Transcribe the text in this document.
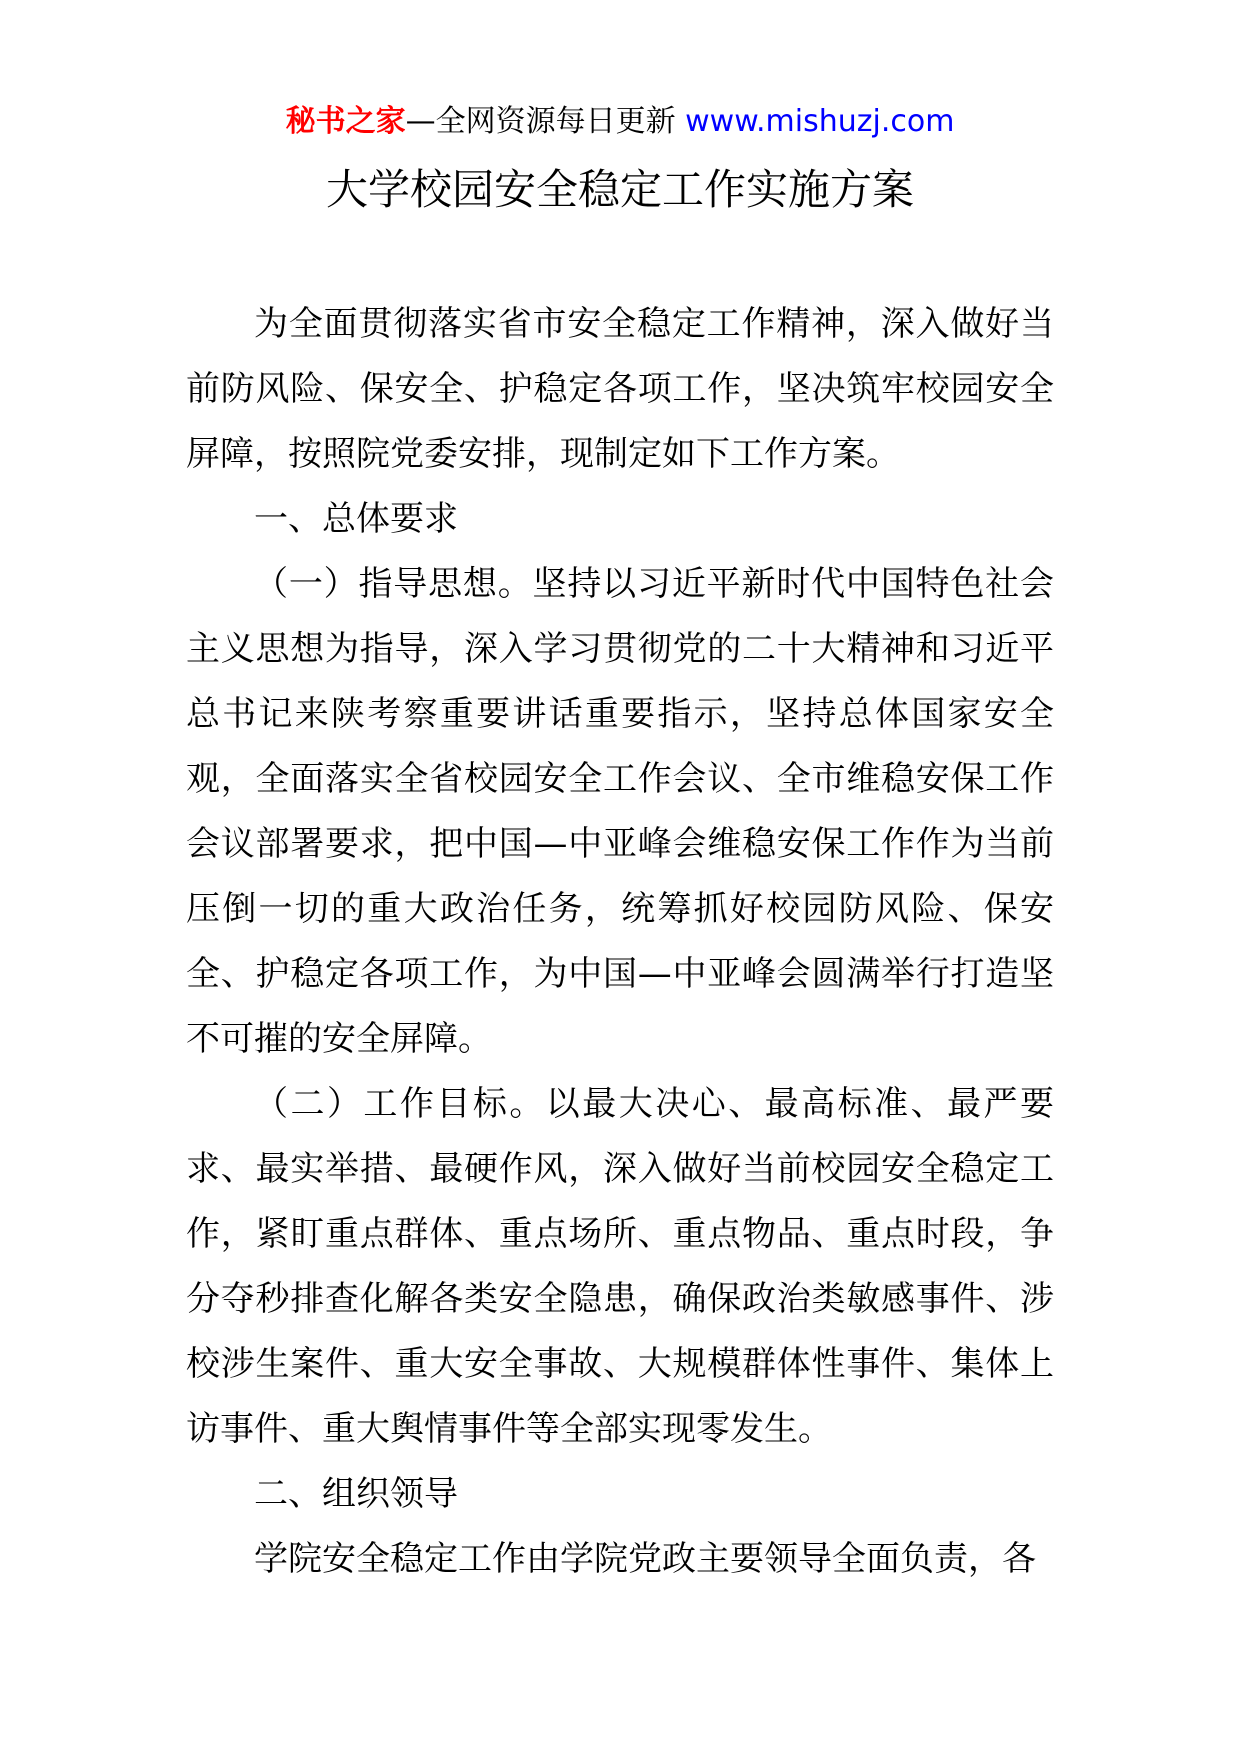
秘书之家—全网资源每日更新 www.mishuzj.com
大学校园安全稳定工作实施方案

为全面贯彻落实省市安全稳定工作精神，深入做好当前防风险、保安全、护稳定各项工作，坚决筑牢校园安全屏障，按照院党委安排，现制定如下工作方案。

一、总体要求

（一）指导思想。坚持以习近平新时代中国特色社会主义思想为指导，深入学习贯彻党的二十大精神和习近平总书记来陕考察重要讲话重要指示，坚持总体国家安全观，全面落实全省校园安全工作会议、全市维稳安保工作会议部署要求，把中国—中亚峰会维稳安保工作作为当前压倒一切的重大政治任务，统筹抓好校园防风险、保安全、护稳定各项工作，为中国—中亚峰会圆满举行打造坚不可摧的安全屏障。

（二）工作目标。以最大决心、最高标准、最严要求、最实举措、最硬作风，深入做好当前校园安全稳定工作，紧盯重点群体、重点场所、重点物品、重点时段，争分夺秒排查化解各类安全隐患，确保政治类敏感事件、涉校涉生案件、重大安全事故、大规模群体性事件、集体上访事件、重大舆情事件等全部实现零发生。

二、组织领导

学院安全稳定工作由学院党政主要领导全面负责，各
